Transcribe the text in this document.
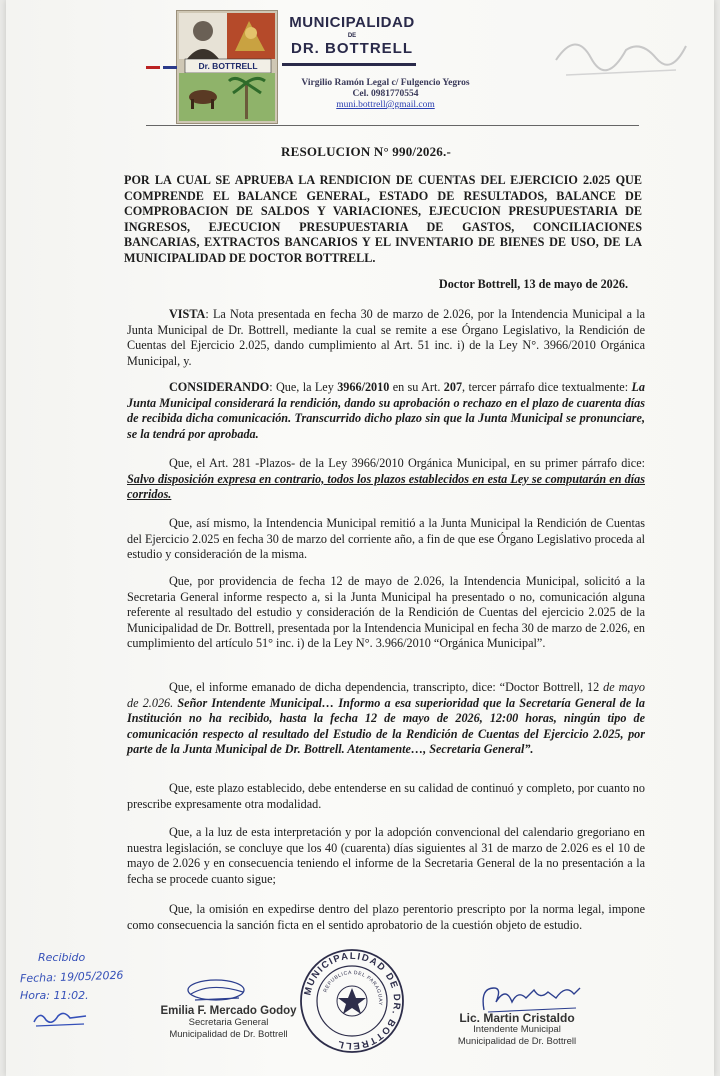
Dr. BOTTRELL
MUNICIPALIDAD
DE
DR. BOTTRELL
Virgilio Ramón Legal c/ Fulgencio Yegros
Cel. 0981770554
muni.bottrell@gmail.com
RESOLUCION N° 990/2026.-
POR LA CUAL SE APRUEBA LA RENDICION DE CUENTAS DEL EJERCICIO 2.025 QUE COMPRENDE EL BALANCE GENERAL, ESTADO DE RESULTADOS, BALANCE DE COMPROBACION DE SALDOS Y VARIACIONES, EJECUCION PRESUPUESTARIA DE INGRESOS, EJECUCION PRESUPUESTARIA DE GASTOS, CONCILIACIONES BANCARIAS, EXTRACTOS BANCARIOS Y EL INVENTARIO DE BIENES DE USO, DE LA MUNICIPALIDAD DE DOCTOR BOTTRELL.
Doctor Bottrell, 13 de mayo de 2026.
VISTA: La Nota presentada en fecha 30 de marzo de 2.026, por la Intendencia Municipal a la Junta Municipal de Dr. Bottrell, mediante la cual se remite a ese Órgano Legislativo, la Rendición de Cuentas del Ejercicio 2.025, dando cumplimiento al Art. 51 inc. i) de la Ley N°. 3966/2010 Orgánica Municipal, y.
CONSIDERANDO: Que, la Ley 3966/2010 en su Art. 207, tercer párrafo dice textualmente: La Junta Municipal considerará la rendición, dando su aprobación o rechazo en el plazo de cuarenta días de recibida dicha comunicación. Transcurrido dicho plazo sin que la Junta Municipal se pronunciare, se la tendrá por aprobada.
Que, el Art. 281 -Plazos- de la Ley 3966/2010 Orgánica Municipal, en su primer párrafo dice: Salvo disposición expresa en contrario, todos los plazos establecidos en esta Ley se computarán en días corridos.
Que, así mismo, la Intendencia Municipal remitió a la Junta Municipal la Rendición de Cuentas del Ejercicio 2.025 en fecha 30 de marzo del corriente año, a fin de que ese Órgano Legislativo proceda al estudio y consideración de la misma.
Que, por providencia de fecha 12 de mayo de 2.026, la Intendencia Municipal, solicitó a la Secretaria General informe respecto a, si la Junta Municipal ha presentado o no, comunicación alguna referente al resultado del estudio y consideración de la Rendición de Cuentas del ejercicio 2.025 de la Municipalidad de Dr. Bottrell, presentada por la Intendencia Municipal en fecha 30 de marzo de 2.026, en cumplimiento del artículo 51° inc. i) de la Ley N°. 3.966/2010 “Orgánica Municipal”.
Que, el informe emanado de dicha dependencia, transcripto, dice: “Doctor Bottrell, 12 de mayo de 2.026. Señor Intendente Municipal… Informo a esa superioridad que la Secretaría General de la Institución no ha recibido, hasta la fecha 12 de mayo de 2026, 12:00 horas, ningún tipo de comunicación respecto al resultado del Estudio de la Rendición de Cuentas del Ejercicio 2.025, por parte de la Junta Municipal de Dr. Bottrell. Atentamente…, Secretaria General”.
Que, este plazo establecido, debe entenderse en su calidad de continuó y completo, por cuanto no prescribe expresamente otra modalidad.
Que, a la luz de esta interpretación y por la adopción convencional del calendario gregoriano en nuestra legislación, se concluye que los 40 (cuarenta) días siguientes al 31 de marzo de 2.026 es el 10 de mayo de 2.026 y en consecuencia teniendo el informe de la Secretaria General de la no presentación a la fecha se procede cuanto sigue;
Que, la omisión en expedirse dentro del plazo perentorio prescripto por la norma legal, impone como consecuencia la sanción ficta en el sentido aprobatorio de la cuestión objeto de estudio.
Recibido
Fecha: 19/05/2026
Hora: 11:02.
Emilia F. Mercado Godoy
Secretaria General
Municipalidad de Dr. Bottrell
MUNICIPALIDAD DE DR. BOTTRELL
REPUBLICA DEL PARAGUAY
Lic. Martin Cristaldo
Intendente Municipal
Municipalidad de Dr. Bottrell
